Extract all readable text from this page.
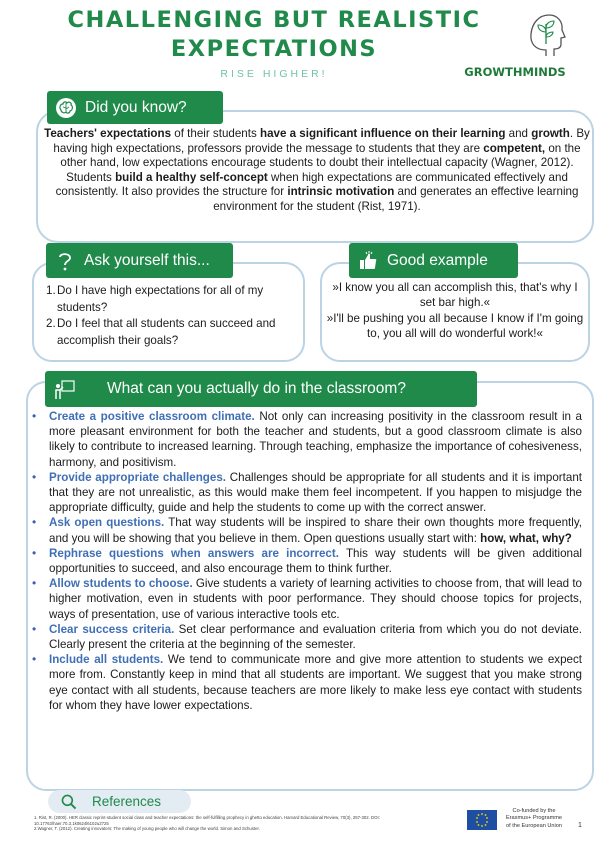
CHALLENGING BUT REALISTIC
EXPECTATIONS
RISE HIGHER!	GROWTHMINDS
Did you know?

Teachers' expectations of their students have a significant influence on their learning and growth. By having high expectations, professors provide the message to students that they are competent, on the other hand, low expectations encourage students to doubt their intellectual capacity (Wagner, 2012).

Students build a healthy self-concept when high expectations are communicated effectively and consistently. It also provides the structure for intrinsic motivation and generates an effective learning environment for the student (Rist, 1971).

Ask yourself this...
1. Do I have high expectations for all of my students?
2. Do I feel that all students can succeed and accomplish their goals?
Good example

»I know you all can accomplish this, that's why I set bar high.«

»I'll be pushing you all because I know if I'm going to, you all will do wonderful work!«

What can you actually do in the classroom?
•	Create a positive classroom climate. Not only can increasing positivity in the classroom result in a more pleasant environment for both the teacher and students, but a good classroom climate is also likely to contribute to increased learning. Through teaching, emphasize the importance of cohesiveness, harmony, and positivism.
•	Provide appropriate challenges. Challenges should be appropriate for all students and it is important that they are not unrealistic, as this would make them feel incompetent. If you happen to misjudge the appropriate difficulty, guide and help the students to come up with the correct answer.
•	Ask open questions. That way students will be inspired to share their own thoughts more frequently, and you will be showing that you believe in them. Open questions usually start with: how, what, why?
•	Rephrase questions when answers are incorrect. This way students will be given additional opportunities to succeed, and also encourage them to think further.
•	Allow students to choose. Give students a variety of learning activities to choose from, that will lead to higher motivation, even in students with poor performance. They should choose topics for projects, ways of presentation, use of various interactive tools etc.
•	Clear success criteria. Set clear performance and evaluation criteria from which you do not deviate. Clearly present the criteria at the beginning of the semester.
•	Include all students. We tend to communicate more and give more attention to students we expect more from. Constantly keep in mind that all students are important. We suggest that you make strong eye contact with all students, because teachers are more likely to make less eye contact with students for whom they have lower expectations.
References
1. Rist, R. (2000). HER classic reprint-student social class and teacher expectations: the self-fulfilling prophecy in ghetto education. Harvard Educational Review, 70(3), 257-302. DOI: 10.17763/haer.70.3.1k0624l6102u2725
2.Wagner, T. (2012). Creating innovators: The making of young people who will change the world. Simon and Schuster.
Co-funded by the
Erasmus+ Programme
of the European Union	1
